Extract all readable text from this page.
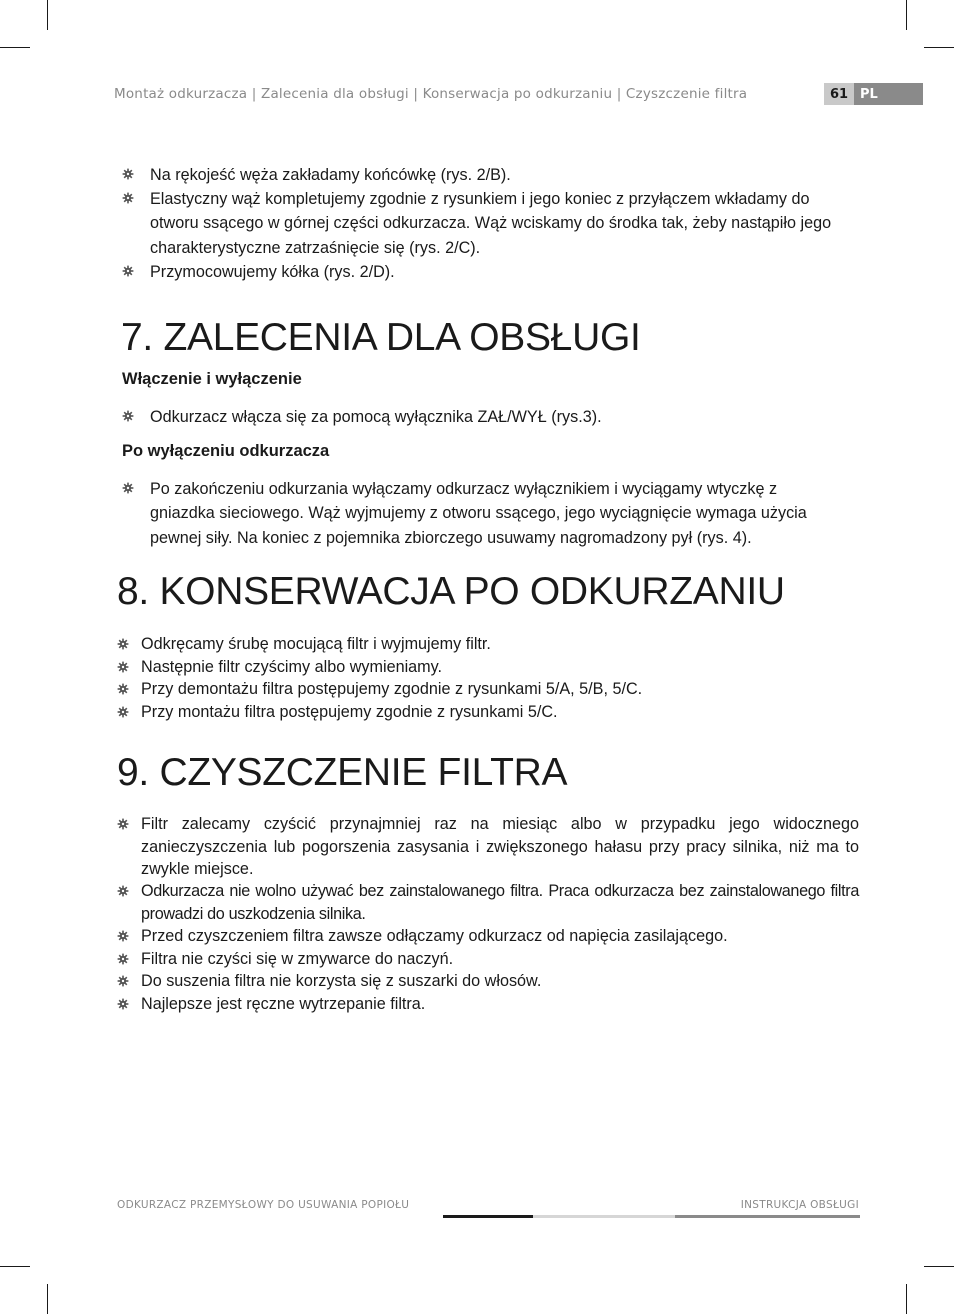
Montaż odkurzacza | Zalecenia dla obsługi | Konserwacja po odkurzaniu | Czyszczenie filtra	61 PL
Na rękojeść węża zakładamy końcówkę (rys. 2/B).
Elastyczny wąż kompletujemy zgodnie z rysunkiem i jego koniec z przyłączem wkładamy do otworu ssącego w górnej części odkurzacza. Wąż wciskamy do środka tak, żeby nastąpiło jego charakterystyczne zatrzaśnięcie się (rys. 2/C).
Przymocowujemy kółka (rys. 2/D).
7. ZALECENIA DLA OBSŁUGI
Włączenie i wyłączenie
Odkurzacz włącza się za pomocą wyłącznika ZAŁ/WYŁ (rys.3).
Po wyłączeniu odkurzacza
Po zakończeniu odkurzania wyłączamy odkurzacz wyłącznikiem i wyciągamy wtyczkę z gniazdka sieciowego. Wąż wyjmujemy z otworu ssącego, jego wyciągnięcie wymaga użycia pewnej siły. Na koniec z pojemnika zbiorczego usuwamy nagromadzony pył (rys. 4).
8. KONSERWACJA PO ODKURZANIU
Odkręcamy śrubę mocującą filtr i wyjmujemy filtr.
Następnie filtr czyścimy albo wymieniamy.
Przy demontażu filtra postępujemy zgodnie z rysunkami 5/A, 5/B, 5/C.
Przy montażu filtra postępujemy zgodnie z rysunkami 5/C.
9. CZYSZCZENIE FILTRA
Filtr zalecamy czyścić przynajmniej raz na miesiąc albo w przypadku jego widocznego zanieczyszczenia lub pogorszenia zasysania i zwiększonego hałasu przy pracy silnika, niż ma to zwykle miejsce.
Odkurzacza nie wolno używać bez zainstalowanego filtra. Praca odkurzacza bez zainstalowanego filtra prowadzi do uszkodzenia silnika.
Przed czyszczeniem filtra zawsze odłączamy odkurzacz od napięcia zasilającego.
Filtra nie czyści się w zmywarce do naczyń.
Do suszenia filtra nie korzysta się z suszarki do włosów.
Najlepsze jest ręczne wytrzepanie filtra.
ODKURZACZ PRZEMYSŁOWY DO USUWANIA POPIOŁU	INSTRUKCJA OBSŁUGI
